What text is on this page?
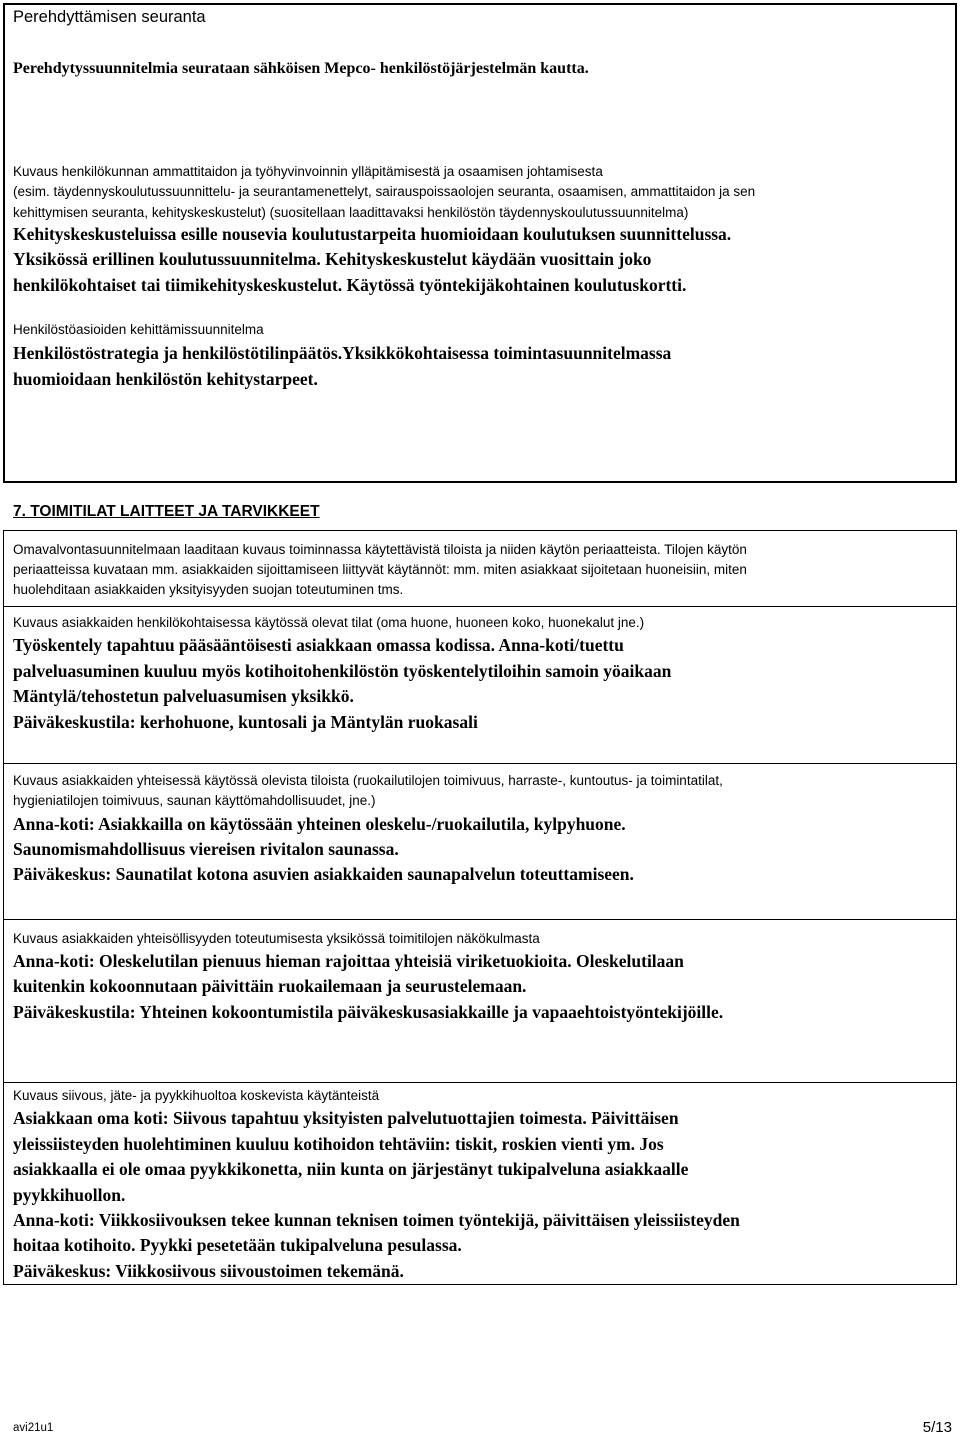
Perehdyttämisen seuranta

Perehdytyssuunnitelmia seurataan sähköisen Mepco- henkilöstöjärjestelmän kautta.

Kuvaus henkilökunnan ammattitaidon ja työhyvinvoinnin ylläpitämisestä ja osaamisen johtamisesta

(esim. täydennyskoulutussuunnittelu- ja seurantamenettelyt, sairauspoissaolojen seuranta, osaamisen, ammattitaidon ja sen

kehittymisen seuranta, kehityskeskustelut) (suositellaan laadittavaksi henkilöstön täydennyskoulutussuunnitelma)

Kehityskeskusteluissa esille nousevia koulutustarpeita huomioidaan koulutuksen suunnittelussa.

Yksikössä erillinen koulutussuunnitelma. Kehityskeskustelut käydään vuosittain joko

henkilökohtaiset tai tiimikehityskeskustelut. Käytössä työntekijäkohtainen koulutuskortti.

Henkilöstöasioiden kehittämissuunnitelma

Henkilöstöstrategia ja henkilöstötilinpäätös.Yksikkökohtaisessa toimintasuunnitelmassa

huomioidaan henkilöstön kehitystarpeet.

7. TOIMITILAT LAITTEET JA TARVIKKEET

Omavalvontasuunnitelmaan laaditaan kuvaus toiminnassa käytettävistä tiloista ja niiden käytön periaatteista. Tilojen käytön

periaatteissa kuvataan mm. asiakkaiden sijoittamiseen liittyvät käytännöt: mm. miten asiakkaat sijoitetaan huoneisiin, miten

huolehditaan asiakkaiden yksityisyyden suojan toteutuminen tms.

Kuvaus asiakkaiden henkilökohtaisessa käytössä olevat tilat (oma huone, huoneen koko, huonekalut jne.)

Työskentely tapahtuu pääsääntöisesti asiakkaan omassa kodissa. Anna-koti/tuettu

palveluasuminen kuuluu myös kotihoitohenkilöstön työskentelytiloihin samoin yöaikaan

Mäntylä/tehostetun palveluasumisen yksikkö.

Päiväkeskustila: kerhohuone, kuntosali ja Mäntylän ruokasali

Kuvaus asiakkaiden yhteisessä käytössä olevista tiloista (ruokailutilojen toimivuus, harraste-, kuntoutus- ja toimintatilat,

hygieniatilojen toimivuus, saunan käyttömahdollisuudet, jne.)

Anna-koti: Asiakkailla on käytössään yhteinen oleskelu-/ruokailutila, kylpyhuone.

Saunomismahdollisuus viereisen rivitalon saunassa.

Päiväkeskus: Saunatilat kotona asuvien asiakkaiden saunapalvelun toteuttamiseen.

Kuvaus asiakkaiden yhteisöllisyyden toteutumisesta yksikössä toimitilojen näkökulmasta

Anna-koti: Oleskelutilan pienuus hieman rajoittaa yhteisiä viriketuokioita. Oleskelutilaan

kuitenkin kokoonnutaan päivittäin ruokailemaan ja seurustelemaan.

Päiväkeskustila: Yhteinen kokoontumistila päiväkeskusasiakkaille ja vapaaehtoistyöntekijöille.

Kuvaus siivous, jäte- ja pyykkihuoltoa koskevista käytänteistä

Asiakkaan oma koti: Siivous tapahtuu yksityisten palvelutuottajien toimesta. Päivittäisen

yleissiisteyden huolehtiminen kuuluu kotihoidon tehtäviin: tiskit, roskien vienti ym. Jos

asiakkaalla ei ole omaa pyykkikonetta, niin kunta on järjestänyt tukipalveluna asiakkaalle

pyykkihuollon.

Anna-koti: Viikkosiivouksen tekee kunnan teknisen toimen työntekijä, päivittäisen yleissiisteyden

hoitaa kotihoito. Pyykki pesetetään tukipalveluna pesulassa.

Päiväkeskus: Viikkosiivous siivoustoimen tekemänä.

avi21u1	5/13
